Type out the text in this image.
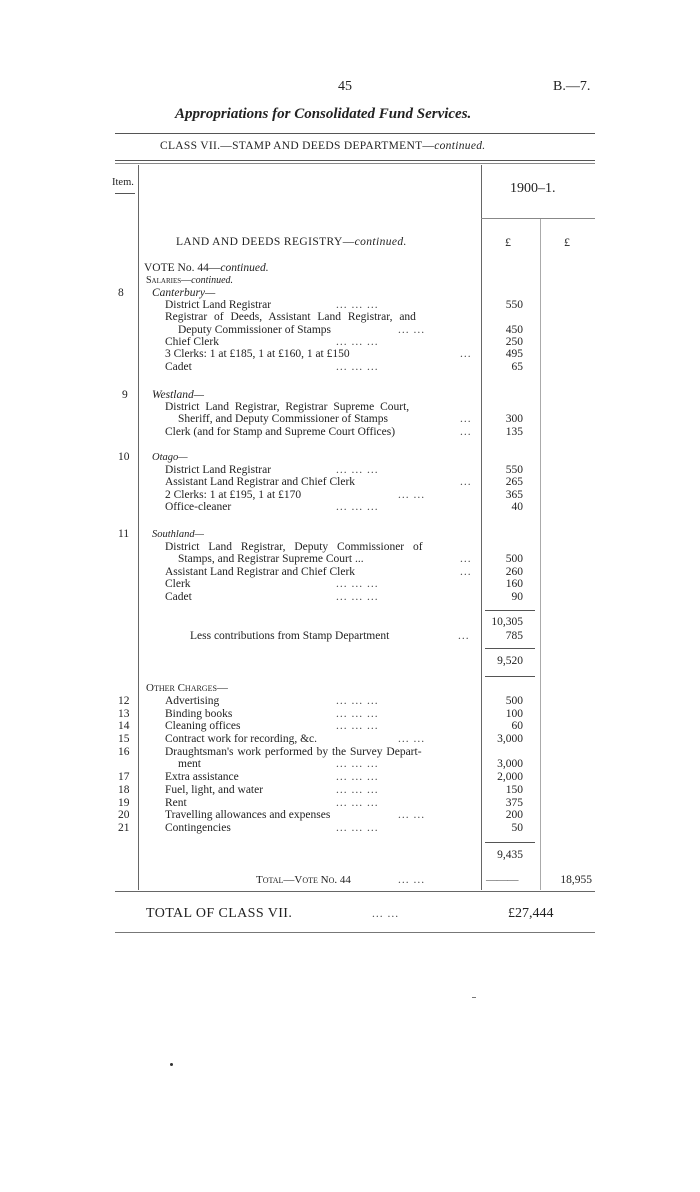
45	B.—7.
Appropriations for Consolidated Fund Services.
CLASS VII.—STAMP AND DEEDS DEPARTMENT—continued.
Item.	1900–1.
£	£
LAND AND DEEDS REGISTRY—continued.
VOTE No. 44—continued.
Salaries—continued.
8 Canterbury—
District Land Registrar	... ... ...	550
Registrar of Deeds, Assistant Land Registrar, and
Deputy Commissioner of Stamps	... ...	450
Chief Clerk	... ... ...	250
3 Clerks: 1 at £185, 1 at £160, 1 at £150	...	495
Cadet	... ... ...	65
9 Westland—
District Land Registrar, Registrar Supreme Court,
Sheriff, and Deputy Commissioner of Stamps	...	300
Clerk (and for Stamp and Supreme Court Offices)	...	135
10 Otago—
District Land Registrar	... ... ...	550
Assistant Land Registrar and Chief Clerk	...	265
2 Clerks: 1 at £195, 1 at £170	... ...	365
Office-cleaner	... ... ...	40
11 Southland—
District Land Registrar, Deputy Commissioner of
Stamps, and Registrar Supreme Court ...	...	500
Assistant Land Registrar and Chief Clerk	...	260
Clerk	... ... ...	160
Cadet	... ... ...	90
10,305
Less contributions from Stamp Department	...	785
9,520
Other Charges—
12	Advertising	... ... ...	500
13	Binding books	... ... ...	100
14	Cleaning offices	... ... ...	60
15	Contract work for recording, &c.	... ...	3,000
16	Draughtsman's work performed by the Survey Depart-
ment	... ... ...	3,000
17	Extra assistance	... ... ...	2,000
18	Fuel, light, and water	... ... ...	150
19	Rent	... ... ...	375
20	Travelling allowances and expenses	... ...	200
21	Contingencies	... ... ...	50
9,435
Total—Vote No. 44	... ...	———	18,955
TOTAL OF CLASS VII.	... ...	£27,444
